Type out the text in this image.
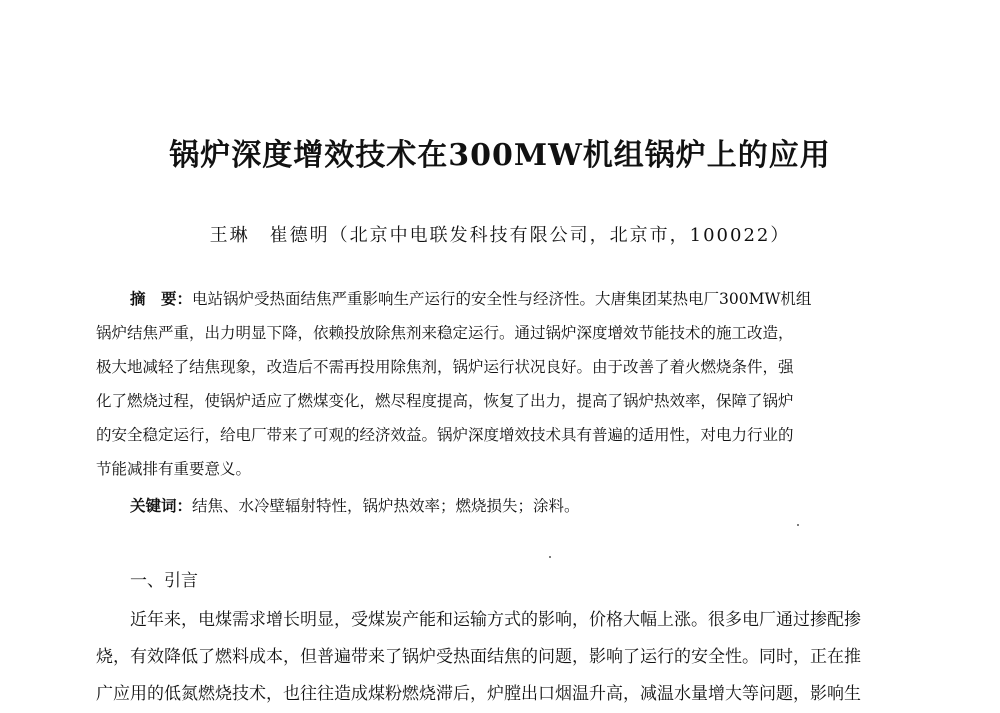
锅炉深度增效技术在300MW机组锅炉上的应用
王琳　崔德明（北京中电联发科技有限公司，北京市，100022）
摘　要：电站锅炉受热面结焦严重影响生产运行的安全性与经济性。大唐集团某热电厂300MW机组
锅炉结焦严重，出力明显下降，依赖投放除焦剂来稳定运行。通过锅炉深度增效节能技术的施工改造，
极大地减轻了结焦现象，改造后不需再投用除焦剂，锅炉运行状况良好。由于改善了着火燃烧条件，强
化了燃烧过程，使锅炉适应了燃煤变化，燃尽程度提高，恢复了出力，提高了锅炉热效率，保障了锅炉
的安全稳定运行，给电厂带来了可观的经济效益。锅炉深度增效技术具有普遍的适用性，对电力行业的
节能减排有重要意义。
关键词：结焦、水冷壁辐射特性，锅炉热效率；燃烧损失；涂料。
一、引言
近年来，电煤需求增长明显，受煤炭产能和运输方式的影响，价格大幅上涨。很多电厂通过掺配掺
烧，有效降低了燃料成本，但普遍带来了锅炉受热面结焦的问题，影响了运行的安全性。同时，正在推
广应用的低氮燃烧技术，也往往造成煤粉燃烧滞后，炉膛出口烟温升高，减温水量增大等问题，影响生
